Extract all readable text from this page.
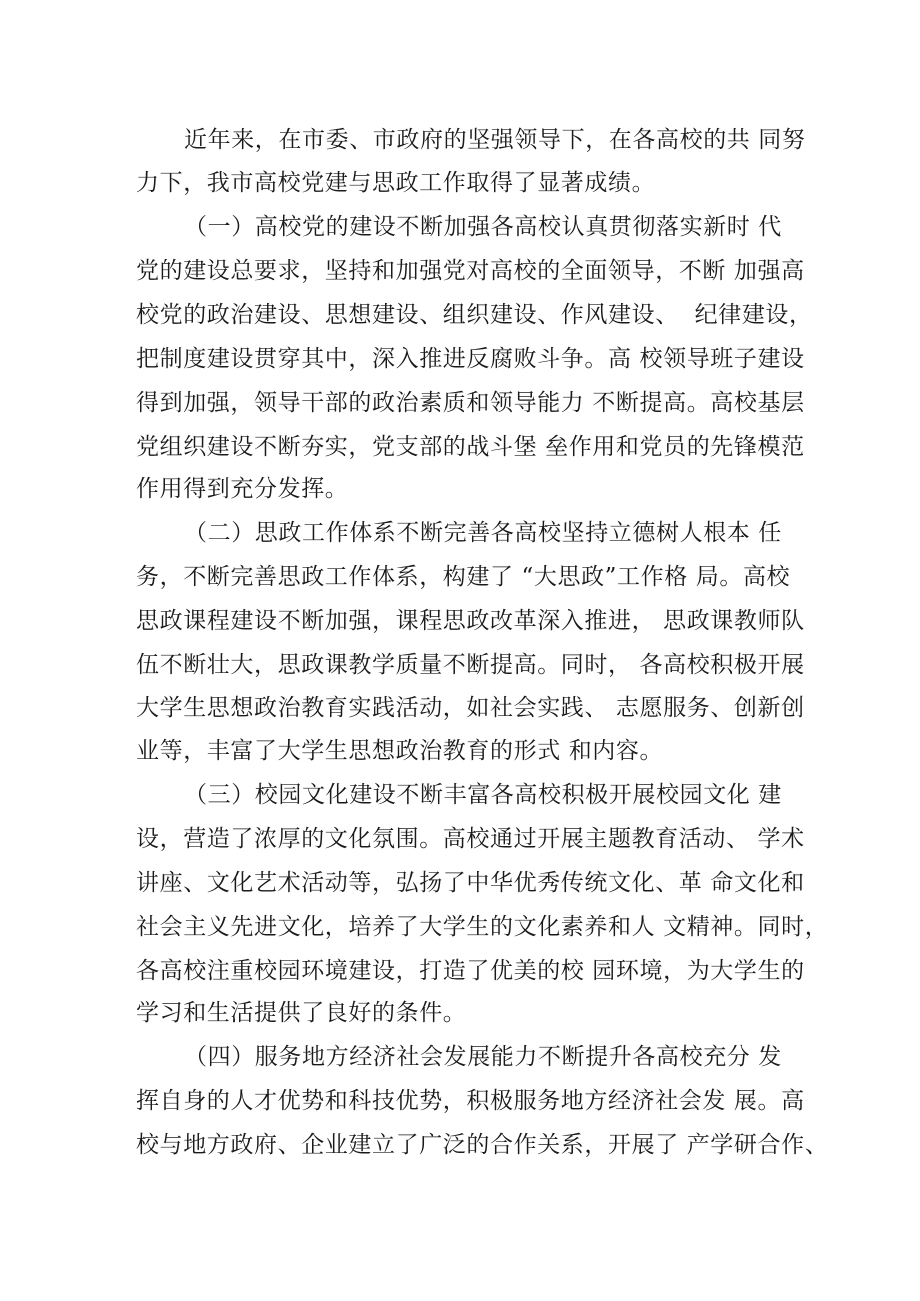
近年来，在市委、市政府的坚强领导下，在各高校的共 同努
力下，我市高校党建与思政工作取得了显著成绩。
（一）高校党的建设不断加强各高校认真贯彻落实新时 代
党的建设总要求，坚持和加强党对高校的全面领导，不断 加强高
校党的政治建设、思想建设、组织建设、作风建设、  纪律建设，
把制度建设贯穿其中，深入推进反腐败斗争。高 校领导班子建设
得到加强，领导干部的政治素质和领导能力 不断提高。高校基层
党组织建设不断夯实，党支部的战斗堡 垒作用和党员的先锋模范
作用得到充分发挥。
（二）思政工作体系不断完善各高校坚持立德树人根本 任
务，不断完善思政工作体系，构建了 “大思政”工作格 局。高校
思政课程建设不断加强，课程思政改革深入推进， 思政课教师队
伍不断壮大，思政课教学质量不断提高。同时， 各高校积极开展
大学生思想政治教育实践活动，如社会实践、 志愿服务、创新创
业等，丰富了大学生思想政治教育的形式 和内容。
（三）校园文化建设不断丰富各高校积极开展校园文化 建
设，营造了浓厚的文化氛围。高校通过开展主题教育活动、 学术
讲座、文化艺术活动等，弘扬了中华优秀传统文化、革 命文化和
社会主义先进文化，培养了大学生的文化素养和人 文精神。同时，
各高校注重校园环境建设，打造了优美的校 园环境，为大学生的
学习和生活提供了良好的条件。
（四）服务地方经济社会发展能力不断提升各高校充分 发
挥自身的人才优势和科技优势，积极服务地方经济社会发 展。高
校与地方政府、企业建立了广泛的合作关系，开展了 产学研合作、
